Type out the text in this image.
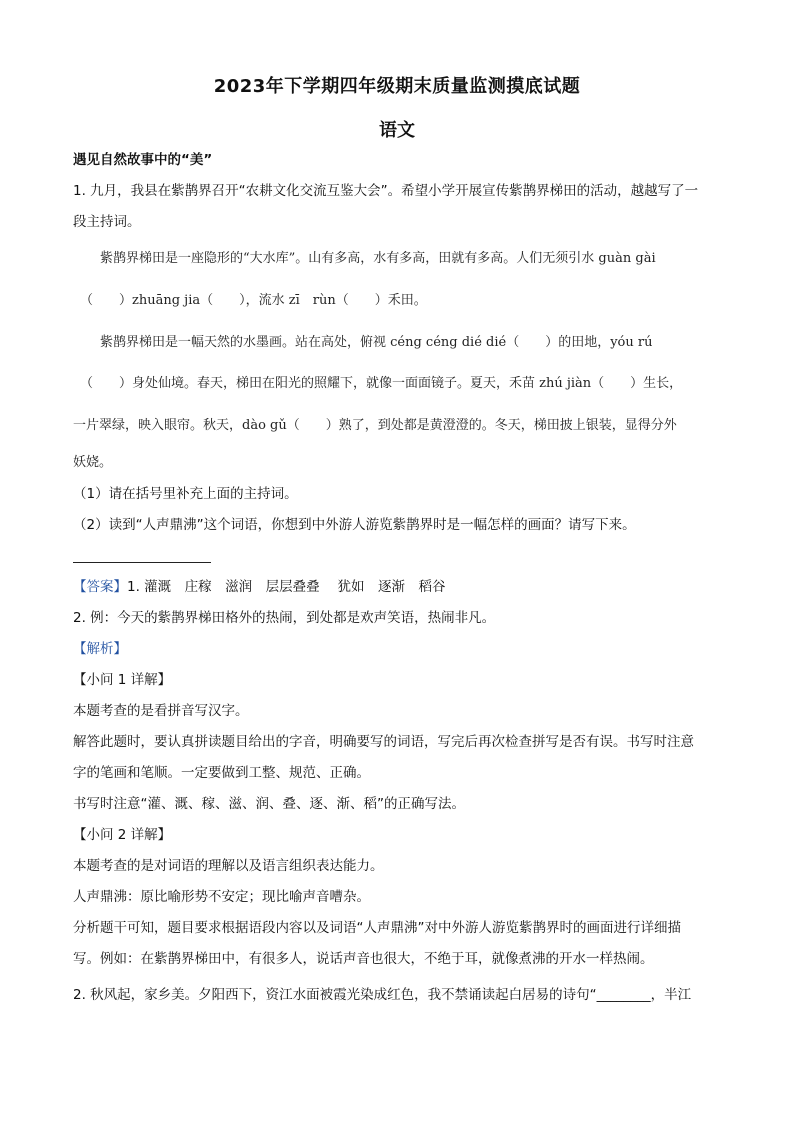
2023年下学期四年级期末质量监测摸底试题
语文
遇见自然故事中的“美”
1. 九月，我县在紫鹊界召开“农耕文化交流互鉴大会”。希望小学开展宣传紫鹊界梯田的活动，越越写了一
段主持词。
紫鹊界梯田是一座隐形的“大水库”。山有多高，水有多高，田就有多高。人们无须引水 guàn gài
（　　）zhuāng jia（　　），流水 zī　rùn（　　）禾田。
紫鹊界梯田是一幅天然的水墨画。站在高处，俯视 céng céng dié dié（　　）的田地，yóu rú
（　　）身处仙境。春天，梯田在阳光的照耀下，就像一面面镜子。夏天，禾苗 zhú jiàn（　　）生长，
一片翠绿，映入眼帘。秋天，dào gǔ（　　）熟了，到处都是黄澄澄的。冬天，梯田披上银装，显得分外
妖娆。
（1）请在括号里补充上面的主持词。
（2）读到“人声鼎沸”这个词语，你想到中外游人游览紫鹊界时是一幅怎样的画面？请写下来。
【答案】1. 灌溉　庄稼　滋润　层层叠叠　 犹如　逐渐　稻谷
2. 例：今天的紫鹊界梯田格外的热闹，到处都是欢声笑语，热闹非凡。
【解析】
【小问 1 详解】
本题考查的是看拼音写汉字。
解答此题时，要认真拼读题目给出的字音，明确要写的词语，写完后再次检查拼写是否有误。书写时注意
字的笔画和笔顺。一定要做到工整、规范、正确。
书写时注意“灌、溉、稼、滋、润、叠、逐、渐、稻”的正确写法。
【小问 2 详解】
本题考查的是对词语的理解以及语言组织表达能力。
人声鼎沸：原比喻形势不安定；现比喻声音嘈杂。
分析题干可知，题目要求根据语段内容以及词语“人声鼎沸”对中外游人游览紫鹊界时的画面进行详细描
写。例如：在紫鹊界梯田中，有很多人，说话声音也很大，不绝于耳，就像煮沸的开水一样热闹。
2. 秋风起，家乡美。夕阳西下，资江水面被霞光染成红色，我不禁诵读起白居易的诗句“________，半江
